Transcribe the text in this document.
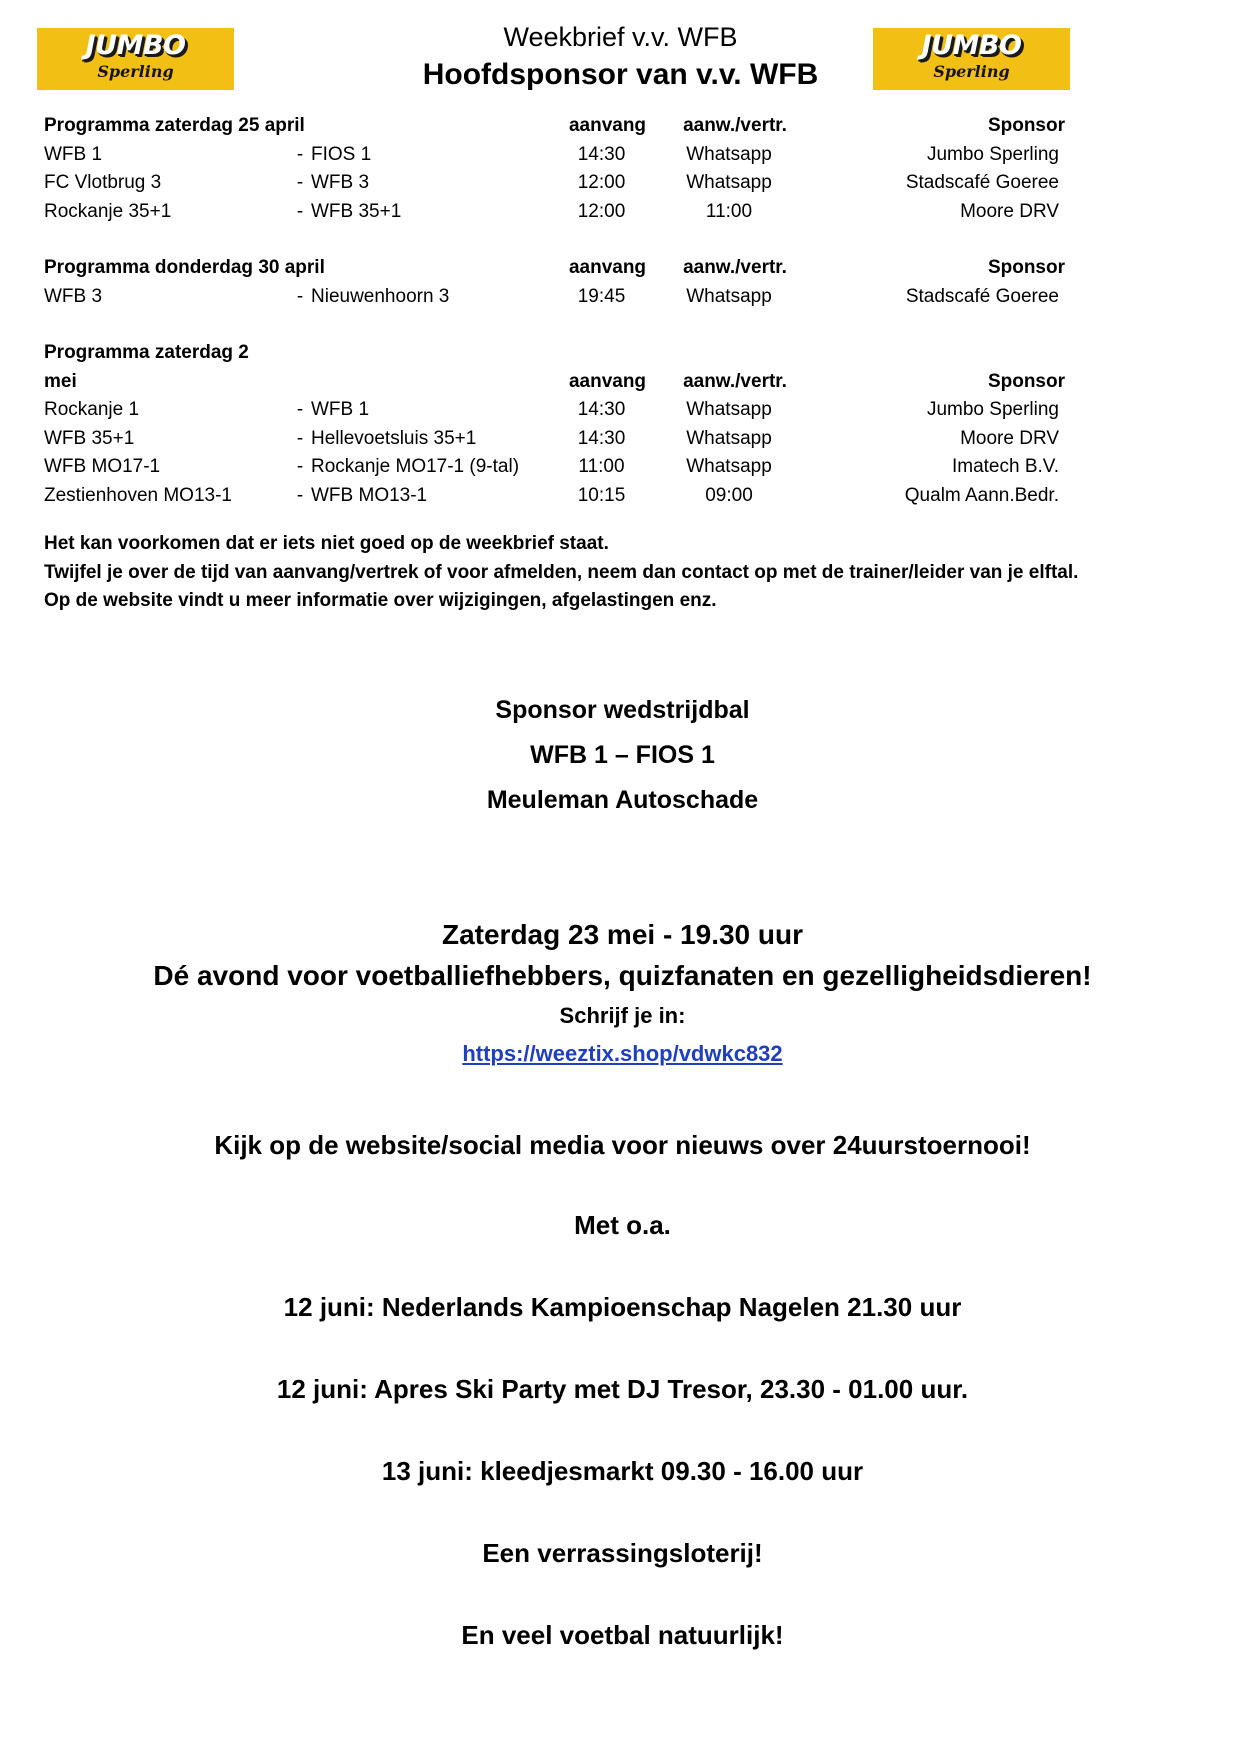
JUMBO
Sperling
Weekbrief v.v. WFB
Hoofdsponsor van v.v. WFB
JUMBO
Sperling
Programma zaterdag 25 april	aanvang	aanw./vertr.	Sponsor
WFB 1	- FIOS 1	14:30	Whatsapp	Jumbo Sperling
FC Vlotbrug 3	- WFB 3	12:00	Whatsapp	Stadscafé Goeree
Rockanje 35+1	- WFB 35+1	12:00	11:00	Moore DRV
Programma donderdag 30 april	aanvang	aanw./vertr.	Sponsor
WFB 3	- Nieuwenhoorn 3	19:45	Whatsapp	Stadscafé Goeree
Programma zaterdag 2
mei	aanvang	aanw./vertr.	Sponsor
Rockanje 1	- WFB 1	14:30	Whatsapp	Jumbo Sperling
WFB 35+1	- Hellevoetsluis 35+1	14:30	Whatsapp	Moore DRV
WFB MO17-1	- Rockanje MO17-1 (9-tal)	11:00	Whatsapp	Imatech B.V.
Zestienhoven MO13-1	- WFB MO13-1	10:15	09:00	Qualm Aann.Bedr.
Het kan voorkomen dat er iets niet goed op de weekbrief staat.
Twijfel je over de tijd van aanvang/vertrek of voor afmelden, neem dan contact op met de trainer/leider van je elftal.
Op de website vindt u meer informatie over wijzigingen, afgelastingen enz.
Sponsor wedstrijdbal
WFB 1 – FIOS 1
Meuleman Autoschade
Zaterdag 23 mei - 19.30 uur
Dé avond voor voetballiefhebbers, quizfanaten en gezelligheidsdieren!
Schrijf je in:
https://weeztix.shop/vdwkc832
Kijk op de website/social media voor nieuws over 24uurstoernooi!
Met o.a.
12 juni: Nederlands Kampioenschap Nagelen 21.30 uur
12 juni: Apres Ski Party met DJ Tresor, 23.30 - 01.00 uur.
13 juni: kleedjesmarkt 09.30 - 16.00 uur
Een verrassingsloterij!
En veel voetbal natuurlijk!
